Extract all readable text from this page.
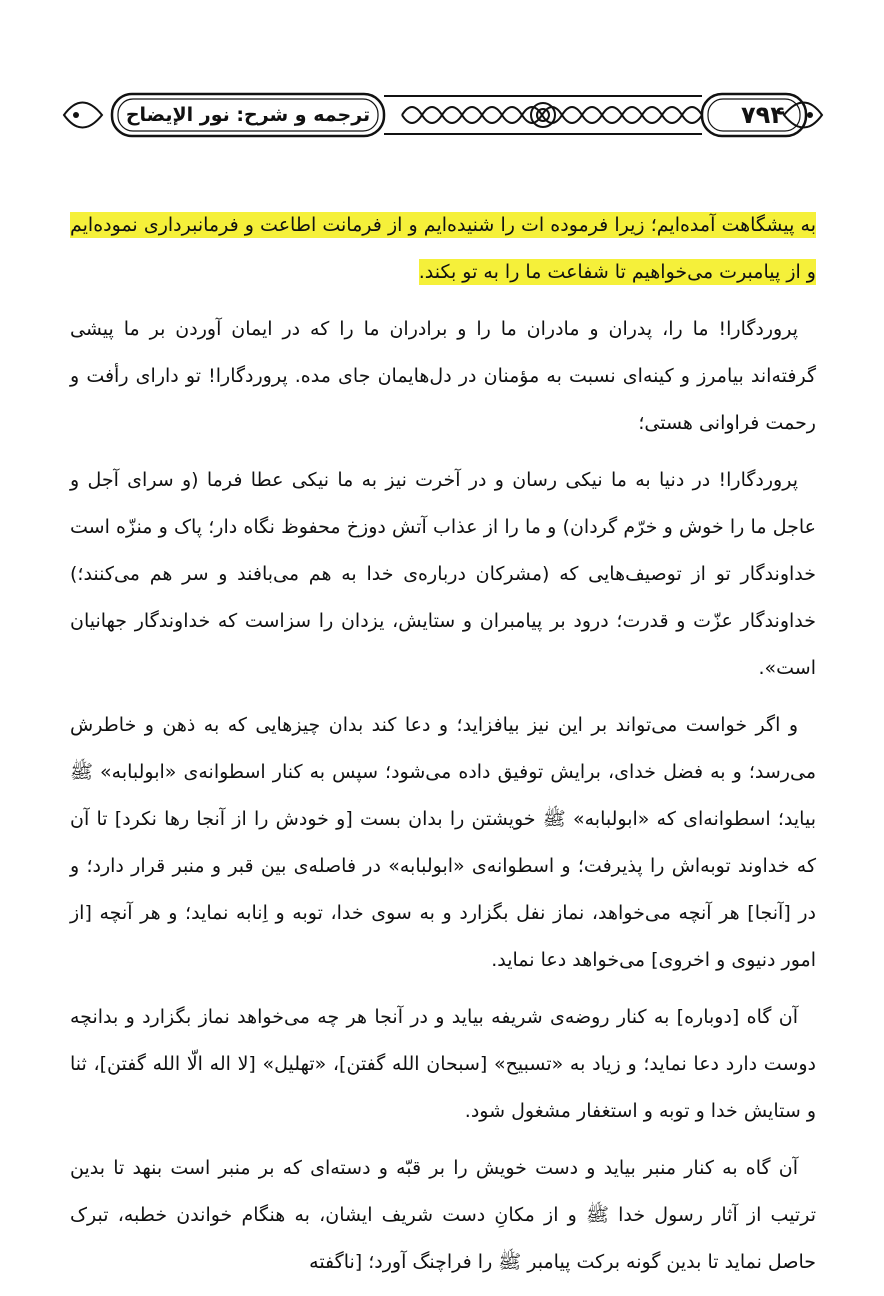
۷۹۴
ترجمه و شرح: نور الإیضاح

به پیشگاهت آمده‌ایم؛ زیرا فرموده ات را شنیده‌ایم و از فرمانت اطاعت و فرمانبرداری نموده‌ایم و از پیامبرت می‌خواهیم تا شفاعت ما را به تو بکند.

پروردگارا! ما را، پدران و مادران ما را و برادران ما را که در ایمان آوردن بر ما پیشی گرفته‌اند بیامرز و کینه‌ای نسبت به مؤمنان در دل‌هایمان جای مده. پروردگارا! تو دارای رأفت و رحمت فراوانی هستی؛

پروردگارا! در دنیا به ما نیکی رسان و در آخرت نیز به ما نیکی عطا فرما (و سرای آجل و عاجل ما را خوش و خرّم گردان) و ما را از عذاب آتش دوزخ محفوظ نگاه دار؛ پاک و منزّه است خداوندگار تو از توصیف‌هایی که (مشرکان درباره‌ی خدا به هم می‌بافند و سر هم می‌کنند؛) خداوندگار عزّت و قدرت؛ درود بر پیامبران و ستایش، یزدان را سزاست که خداوندگار جهانیان است».

و اگر خواست می‌تواند بر این نیز بیافزاید؛ و دعا کند بدان چیزهایی که به ذهن و خاطرش می‌رسد؛ و به فضل خدای، برایش توفیق داده می‌شود؛ سپس به کنار اسطوانه‌ی «ابولبابه» ﷺ بیاید؛ اسطوانه‌ای که «ابولبابه» ﷺ خویشتن را بدان بست [و خودش را از آنجا رها نکرد] تا آن که خداوند توبه‌اش را پذیرفت؛ و اسطوانه‌ی «ابولبابه» در فاصله‌ی بین قبر و منبر قرار دارد؛ و در [آنجا] هر آنچه می‌خواهد، نماز نفل بگزارد و به سوی خدا، توبه و اِنابه نماید؛ و هر آنچه [از امور دنیوی و اخروی] می‌خواهد دعا نماید.

آن گاه [دوباره] به کنار روضه‌ی شریفه بیاید و در آنجا هر چه می‌خواهد نماز بگزارد و بدانچه دوست دارد دعا نماید؛ و زیاد به «تسبیح» [سبحان الله گفتن]، «تهلیل» [لا اله الّا الله گفتن]، ثنا و ستایش خدا و توبه و استغفار مشغول شود.

آن گاه به کنار منبر بیاید و دست خویش را بر قبّه و دسته‌ای که بر منبر است بنهد تا بدین ترتیب از آثار رسول خدا ﷺ و از مکانِ دست شریف ایشان، به هنگام خواندن خطبه، تبرک حاصل نماید تا بدین گونه برکت پیامبر ﷺ را فراچنگ آورد؛ [ناگفته
